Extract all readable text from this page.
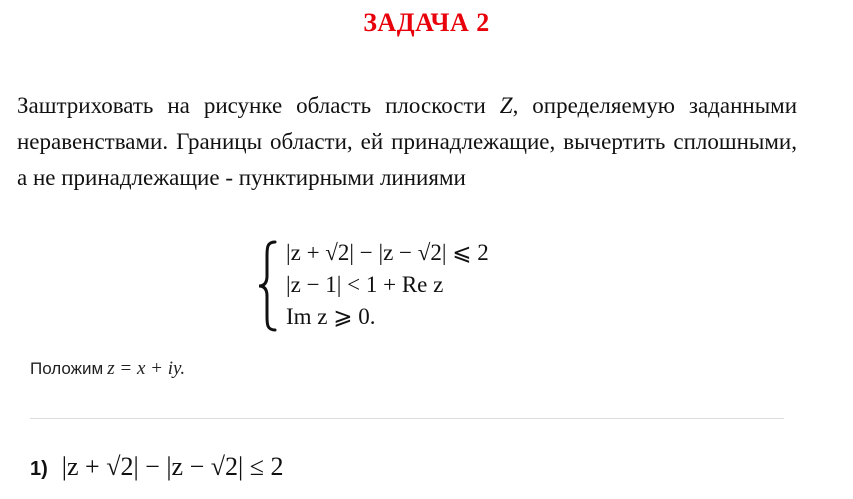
ЗАДАЧА 2
Заштриховать на рисунке область плоскости Z, определяемую заданными неравенствами. Границы области, ей принадлежащие, вычертить сплошными, а не принадлежащие - пунктирными линиями
|z + √2| − |z − √2| ⩽ 2
|z − 1| < 1 + Re z
Im z ⩾ 0.
Положим z = x + iy.
1) |z + √2| − |z − √2| ≤ 2
